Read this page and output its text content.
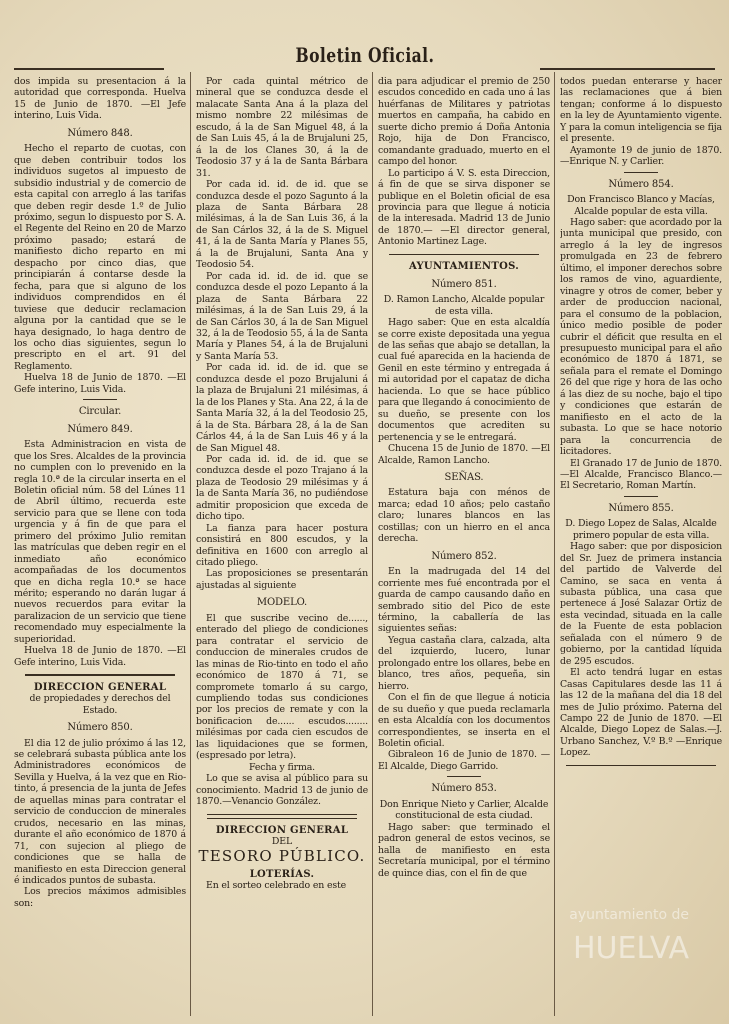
Boletin Oficial.

dos impida su presentacion á la autoridad que corresponda. Huelva 15 de Junio de 1870. —El Jefe interino, Luis Vida.

Número 848.

Hecho el reparto de cuotas, con que deben contribuir todos los individuos sugetos al impuesto de subsidio industrial y de comercio de esta capital con arreglo á las tarifas que deben regir desde 1.º de Julio próximo, segun lo dispuesto por S. A. el Regente del Reino en 20 de Marzo próximo pasado; estará de manifiesto dicho reparto en mi despacho por cinco dias, que principiarán á contarse desde la fecha, para que si alguno de los individuos comprendidos en él tuviese que deducir reclamacion alguna por la cantidad que se le haya designado, lo haga dentro de los ocho dias siguientes, segun lo prescripto en el art. 91 del Reglamento.

Huelva 18 de Junio de 1870. —El Gefe interino, Luis Vida.

Circular.

Número 849.

Esta Administracion en vista de que los Sres. Alcaldes de la provincia no cumplen con lo prevenido en la regla 10.ª de la circular inserta en el Boletin oficial núm. 58 del Lúnes 11 de Abril último, recuerda este servicio para que se llene con toda urgencia y á fin de que para el primero del próximo Julio remitan las matrículas que deben regir en el inmediato año económico acompañadas de los documentos que en dicha regla 10.ª se hace mérito; esperando no darán lugar á nuevos recuerdos para evitar la paralizacion de un servicio que tiene recomendado muy especialmente la superioridad.

Huelva 18 de Junio de 1870. —El Gefe interino, Luis Vida.

DIRECCION GENERAL

de propiedades y derechos del Estado.

Número 850.

El dia 12 de julio próximo á las 12, se celebrará subasta pública ante los Administradores económicos de Sevilla y Huelva, á la vez que en Rio-tinto, á presencia de la junta de Jefes de aquellas minas para contratar el servicio de conduccion de minerales crudos, necesario en las minas, durante el año económico de 1870 á 71, con sujecion al pliego de condiciones que se halla de manifiesto en esta Direccion general é indicados puntos de subasta.

Los precios máximos admisibles son:

Por cada quintal métrico de mineral que se conduzca desde el malacate Santa Ana á la plaza del mismo nombre 22 milésimas de escudo, á la de San Miguel 48, á la de San Luis 45, á la de Brujaluni 25, á la de los Clanes 30, á la de Teodosio 37 y á la de Santa Bárbara 31.

Por cada id. id. de id. que se conduzca desde el pozo Sagunto á la plaza de Santa Bárbara 28 milésimas, á la de San Luis 36, á la de San Cárlos 32, á la de S. Miguel 41, á la de Santa María y Planes 55, á la de Brujaluni, Santa Ana y Teodosio 54.

Por cada id. id. de id. que se conduzca desde el pozo Lepanto á la plaza de Santa Bárbara 22 milésimas, á la de San Luis 29, á la de San Cárlos 30, á la de San Miguel 32, á la de Teodosio 55, á la de Santa María y Planes 54, á la de Brujaluni y Santa María 53.

Por cada id. id. de id. que se conduzca desde el pozo Brujaluni á la plaza de Brujaluni 21 milésimas, á la de los Planes y Sta. Ana 22, á la de Santa María 32, á la del Teodosio 25, á la de Sta. Bárbara 28, á la de San Cárlos 44, á la de San Luis 46 y á la de San Miguel 48.

Por cada id. id. de id. que se conduzca desde el pozo Trajano á la plaza de Teodosio 29 milésimas y á la de Santa María 36, no pudiéndose admitir proposicion que exceda de dicho tipo.

La fianza para hacer postura consistirá en 800 escudos, y la definitiva en 1600 con arreglo al citado pliego.

Las proposiciones se presentarán ajustadas al siguiente

MODELO.

El que suscribe vecino de......, enterado del pliego de condiciones para contratar el servicio de conduccion de minerales crudos de las minas de Rio-tinto en todo el año económico de 1870 á 71, se compromete tomarlo á su cargo, cumpliendo todas sus condiciones por los precios de remate y con la bonificacion de...... escudos........ milésimas por cada cien escudos de las liquidaciones que se formen, (espresado por letra).

Fecha y firma.

Lo que se avisa al público para su conocimiento. Madrid 13 de junio de 1870.—Venancio González.

DIRECCION GENERAL

DEL

TESORO PÚBLICO.

LOTERÍAS.

En el sorteo celebrado en este

dia para adjudicar el premio de 250 escudos concedido en cada uno á las huérfanas de Militares y patriotas muertos en campaña, ha cabido en suerte dicho premio á Doña Antonia Rojo, hija de Don Francisco, comandante graduado, muerto en el campo del honor.

Lo participo á V. S. esta Direccion, á fin de que se sirva disponer se publique en el Boletin oficial de esa provincia para que llegue á noticia de la interesada. Madrid 13 de Junio de 1870.— —El director general, Antonio Martinez Lage.

AYUNTAMIENTOS.

Número 851.

D. Ramon Lancho, Alcalde popular de esta villa.

Hago saber: Que en esta alcaldía se corre existe depositada una yegua de las señas que abajo se detallan, la cual fué aparecida en la hacienda de Genil en este término y entregada á mi autoridad por el capataz de dicha hacienda. Lo que se hace público para que llegando á conocimiento de su dueño, se presente con los documentos que acrediten su pertenencia y se le entregará.

Chucena 15 de Junio de 1870. —El Alcalde, Ramon Lancho.

SEÑAS.

Estatura baja con ménos de marca; edad 10 años; pelo castaño claro; lunares blancos en las costillas; con un hierro en el anca derecha.

Número 852.

En la madrugada del 14 del corriente mes fué encontrada por el guarda de campo causando daño en sembrado sitio del Pico de este término, la caballería de las siguientes señas:

Yegua castaña clara, calzada, alta del izquierdo, lucero, lunar prolongado entre los ollares, bebe en blanco, tres años, pequeña, sin hierro.

Con el fin de que llegue á noticia de su dueño y que pueda reclamarla en esta Alcaldía con los documentos correspondientes, se inserta en el Boletin oficial.

Gibraleon 16 de Junio de 1870. —El Alcalde, Diego Garrido.

Número 853.

Don Enrique Nieto y Carlier, Alcalde constitucional de esta ciudad.

Hago saber: que terminado el padron general de estos vecinos, se halla de manifiesto en esta Secretaría municipal, por el término de quince dias, con el fin de que

todos puedan enterarse y hacer las reclamaciones que á bien tengan; conforme á lo dispuesto en la ley de Ayuntamiento vigente. Y para la comun inteligencia se fija el presente.

Ayamonte 19 de junio de 1870. —Enrique N. y Carlier.

Número 854.

Don Francisco Blanco y Macías, Alcalde popular de esta villa.

Hago saber: que acordado por la junta municipal que presido, con arreglo á la ley de ingresos promulgada en 23 de febrero último, el imponer derechos sobre los ramos de vino, aguardiente, vinagre y otros de comer, beber y arder de produccion nacional, para el consumo de la poblacion, único medio posible de poder cubrir el déficit que resulta en el presupuesto municipal para el año económico de 1870 á 1871, se señala para el remate el Domingo 26 del que rige y hora de las ocho á las diez de su noche, bajo el tipo y condiciones que estarán de manifiesto en el acto de la subasta. Lo que se hace notorio para la concurrencia de licitadores.

El Granado 17 de Junio de 1870.—El Alcalde, Francisco Blanco.—El Secretario, Roman Martín.

Número 855.

D. Diego Lopez de Salas, Alcalde primero popular de esta villa.

Hago saber: que por disposicion del Sr. Juez de primera instancia del partido de Valverde del Camino, se saca en venta á subasta pública, una casa que pertenece á José Salazar Ortiz de esta vecindad, situada en la calle de la Fuente de esta poblacion señalada con el número 9 de gobierno, por la cantidad líquida de 295 escudos.

El acto tendrá lugar en estas Casas Capitulares desde las 11 á las 12 de la mañana del dia 18 del mes de Julio próximo. Paterna del Campo 22 de Junio de 1870. —El Alcalde, Diego Lopez de Salas.—J. Urbano Sanchez, V.º B.º —Enrique Lopez.

ayuntamiento de
HUELVA
